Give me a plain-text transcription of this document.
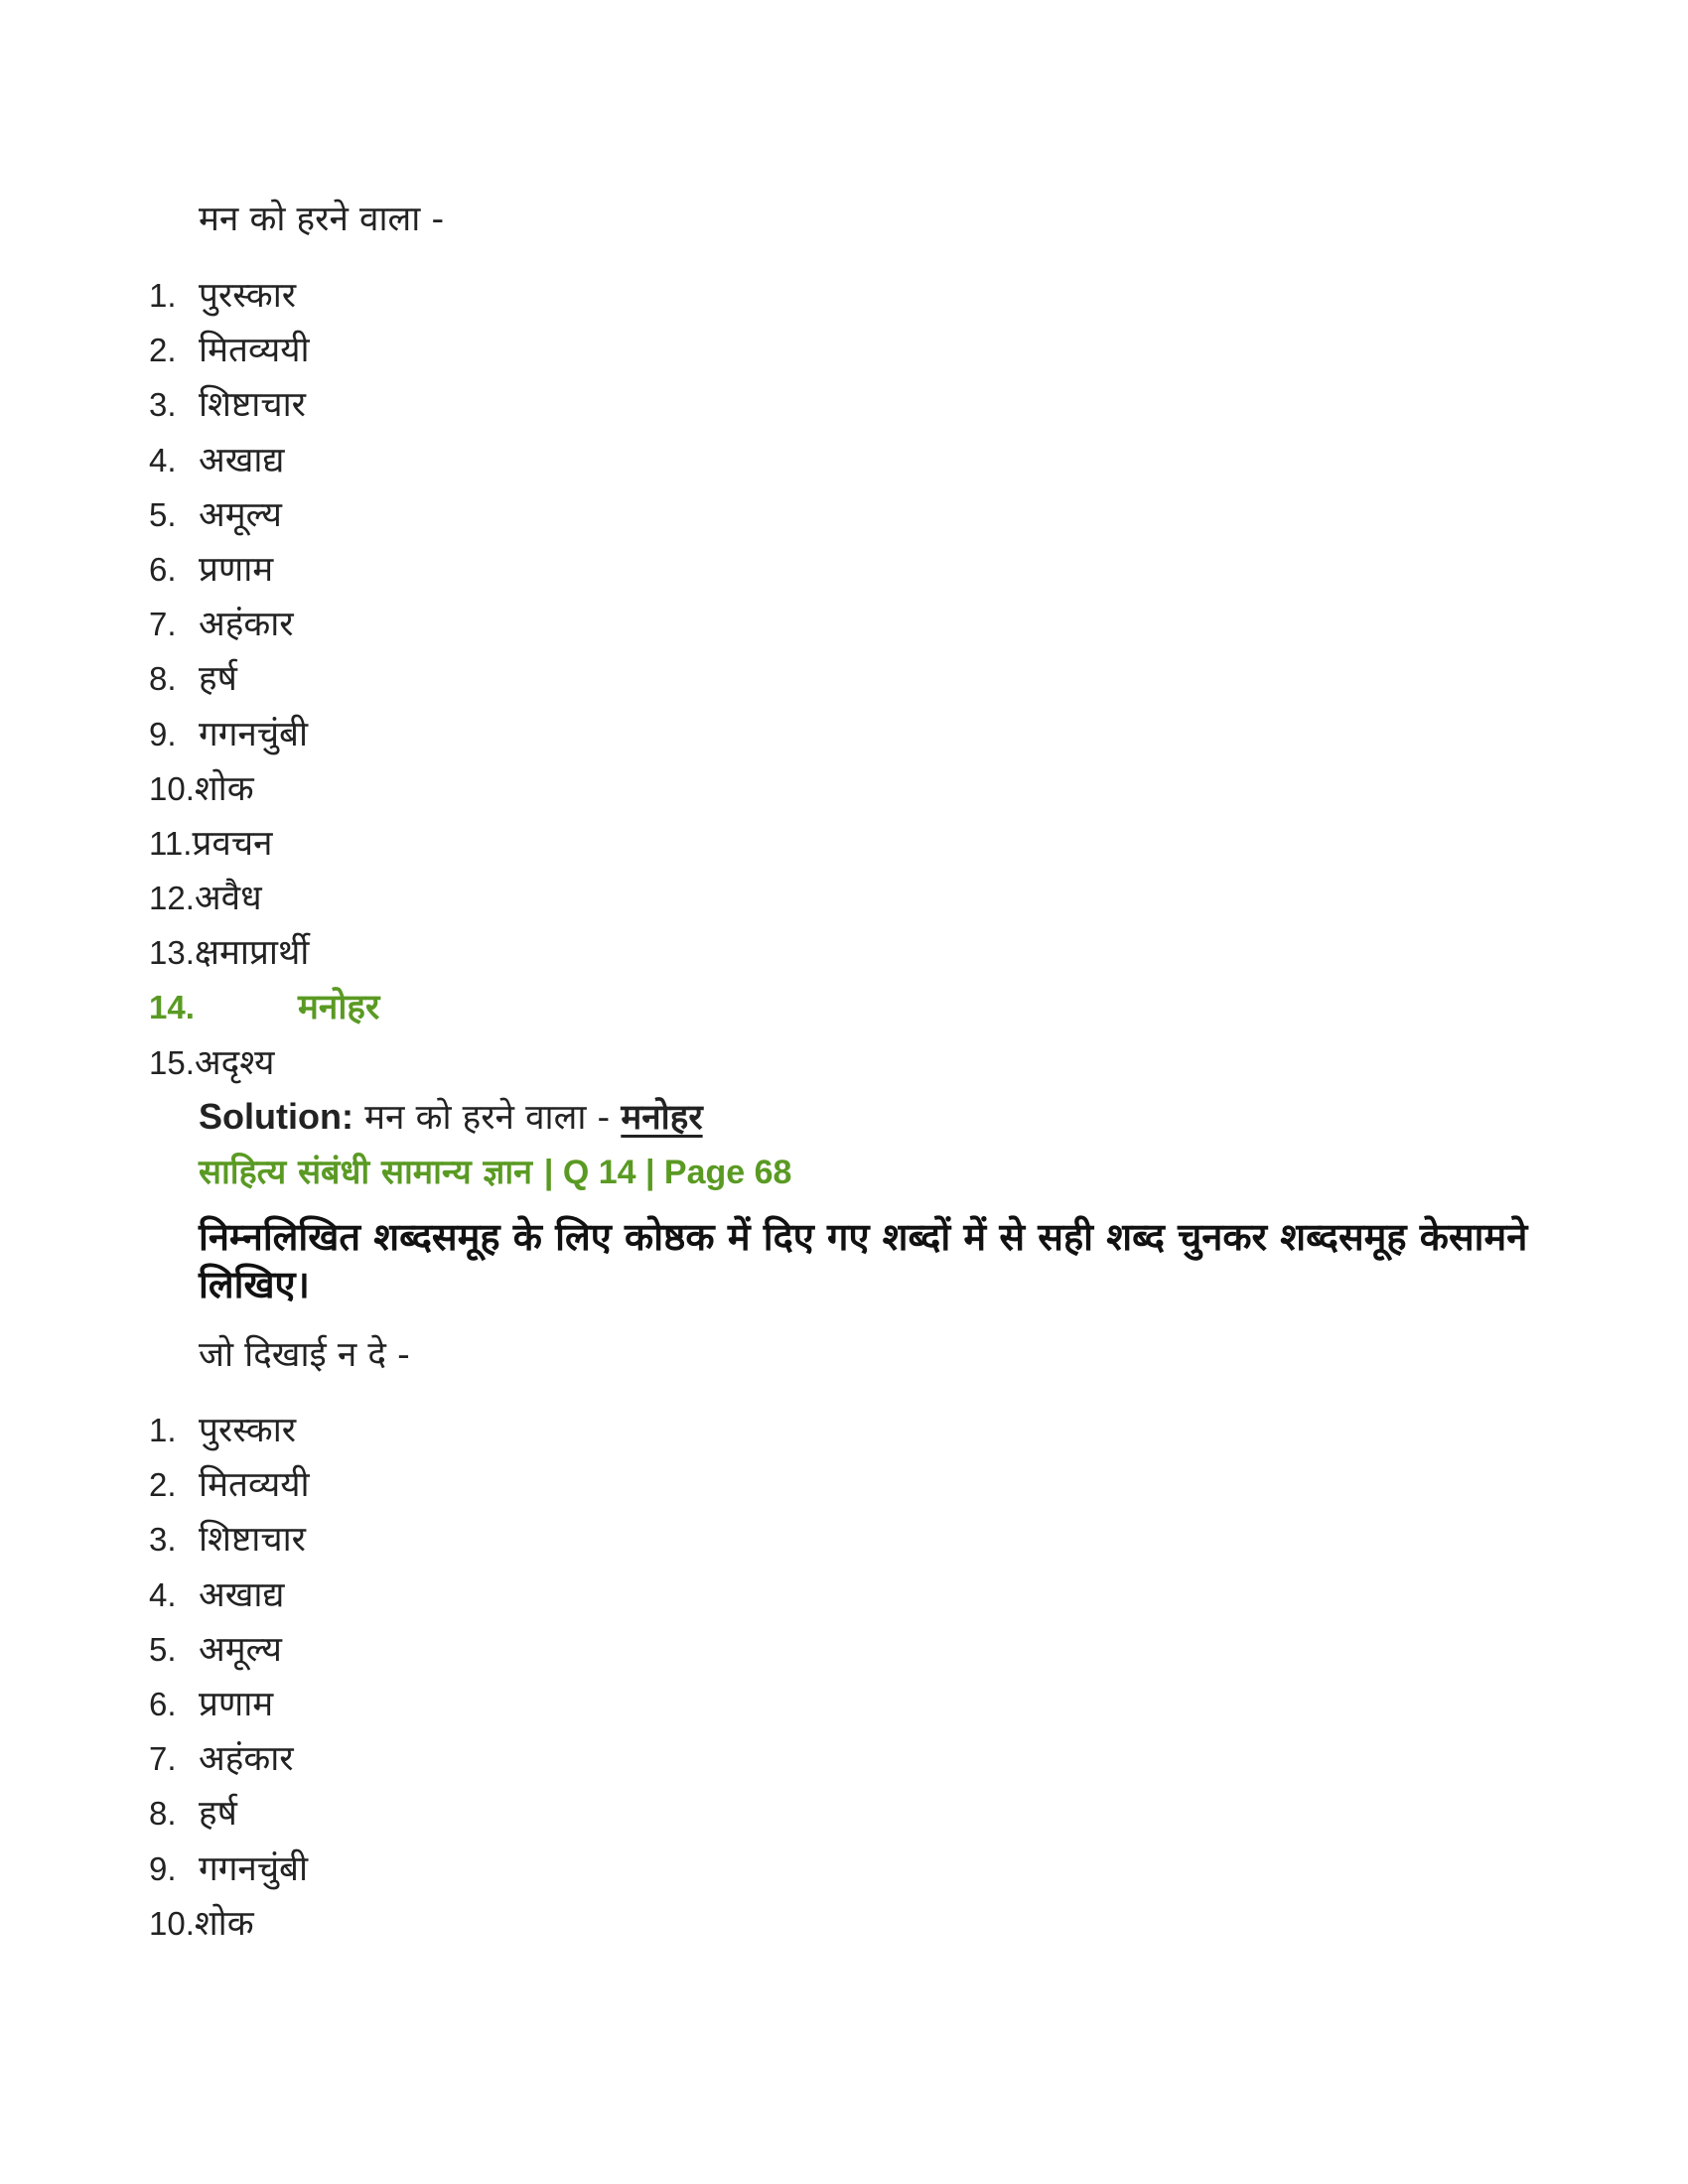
मन को हरने वाला -
1. पुरस्कार
2. मितव्ययी
3. शिष्टाचार
4. अखाद्य
5. अमूल्य
6. प्रणाम
7. अहंकार
8. हर्ष
9. गगनचुंबी
10.शोक
11.प्रवचन
12.अवैध
13.क्षमाप्रार्थी
14.	मनोहर
15.अदृश्य
Solution: मन को हरने वाला - मनोहर
साहित्य संबंधी सामान्य ज्ञान | Q 14 | Page 68
निम्नलिखित शब्दसमूह के लिए कोष्ठक में दिए गए शब्दों में से सही शब्द चुनकर शब्दसमूह केसामने लिखिए।
जो दिखाई न दे -
1. पुरस्कार
2. मितव्ययी
3. शिष्टाचार
4. अखाद्य
5. अमूल्य
6. प्रणाम
7. अहंकार
8. हर्ष
9. गगनचुंबी
10.शोक
